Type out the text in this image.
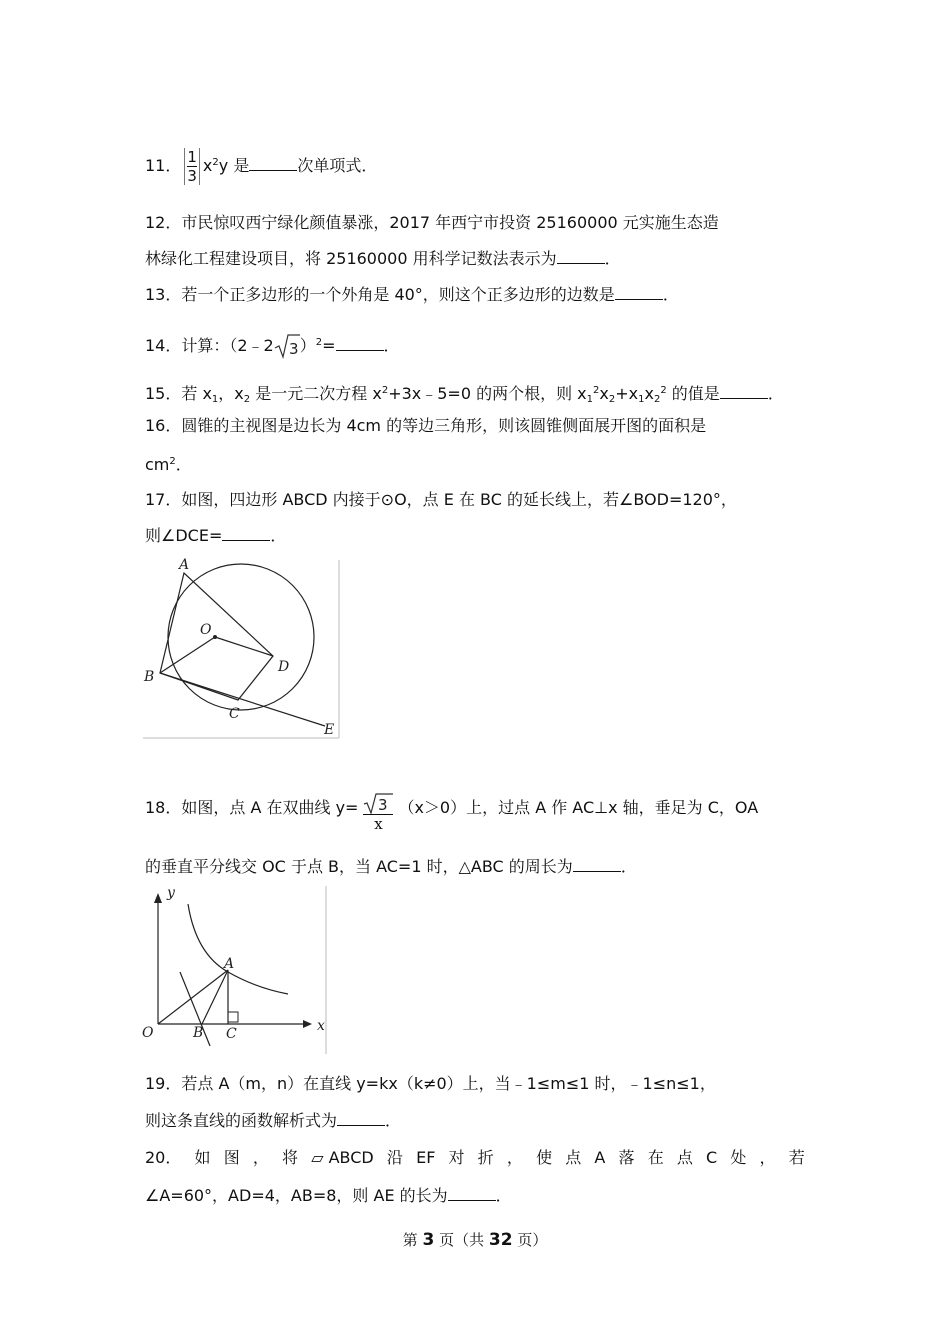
11． $\frac{1}{3} x^2y$ 是	次单项式．
12．市民惊叹西宁绿化颜值暴涨，2017 年西宁市投资 25160000 元实施生态造
林绿化工程建设项目，将 25160000 用科学记数法表示为	．
13．若一个正多边形的一个外角是 40°，则这个正多边形的边数是	．
14．计算：（2﹣2 3 ）$^2$=	．
15．若 $x_1$，$x_2$ 是一元二次方程 $x^2+3x﹣5=0$ 的两个根，则 $x_1^2x_2+x_1x_2^2$ 的值是	．
16．圆锥的主视图是边长为 4cm 的等边三角形，则该圆锥侧面展开图的面积是
$cm^2$．
17．如图，四边形 ABCD 内接于⊙O，点 E 在 BC 的延长线上，若∠BOD=120°，
则∠DCE=	．
A
B
C
D
E
O
18．如图，点 A 在双曲线 $y= \frac{3}{x} (x>0)$上，过点 A 作 AC⊥x 轴，垂足为 C，OA
的垂直平分线交 OC 于点 B，当 AC=1 时，△ABC 的周长为	．
y
x
O
A
B C
19．若点 A（m，n）在直线 y=kx（k≠0）上，当﹣1≤m≤1 时，﹣1≤n≤1，
则这条直线的函数解析式为	．
20． 如 图 ， 将 ▱ ABCD 沿 EF 对 折 ， 使 点 A 落 在 点 C 处 ， 若
∠A=60°，AD=4，AB=8，则 AE 的长为	．
第 3 页（共 32 页）
